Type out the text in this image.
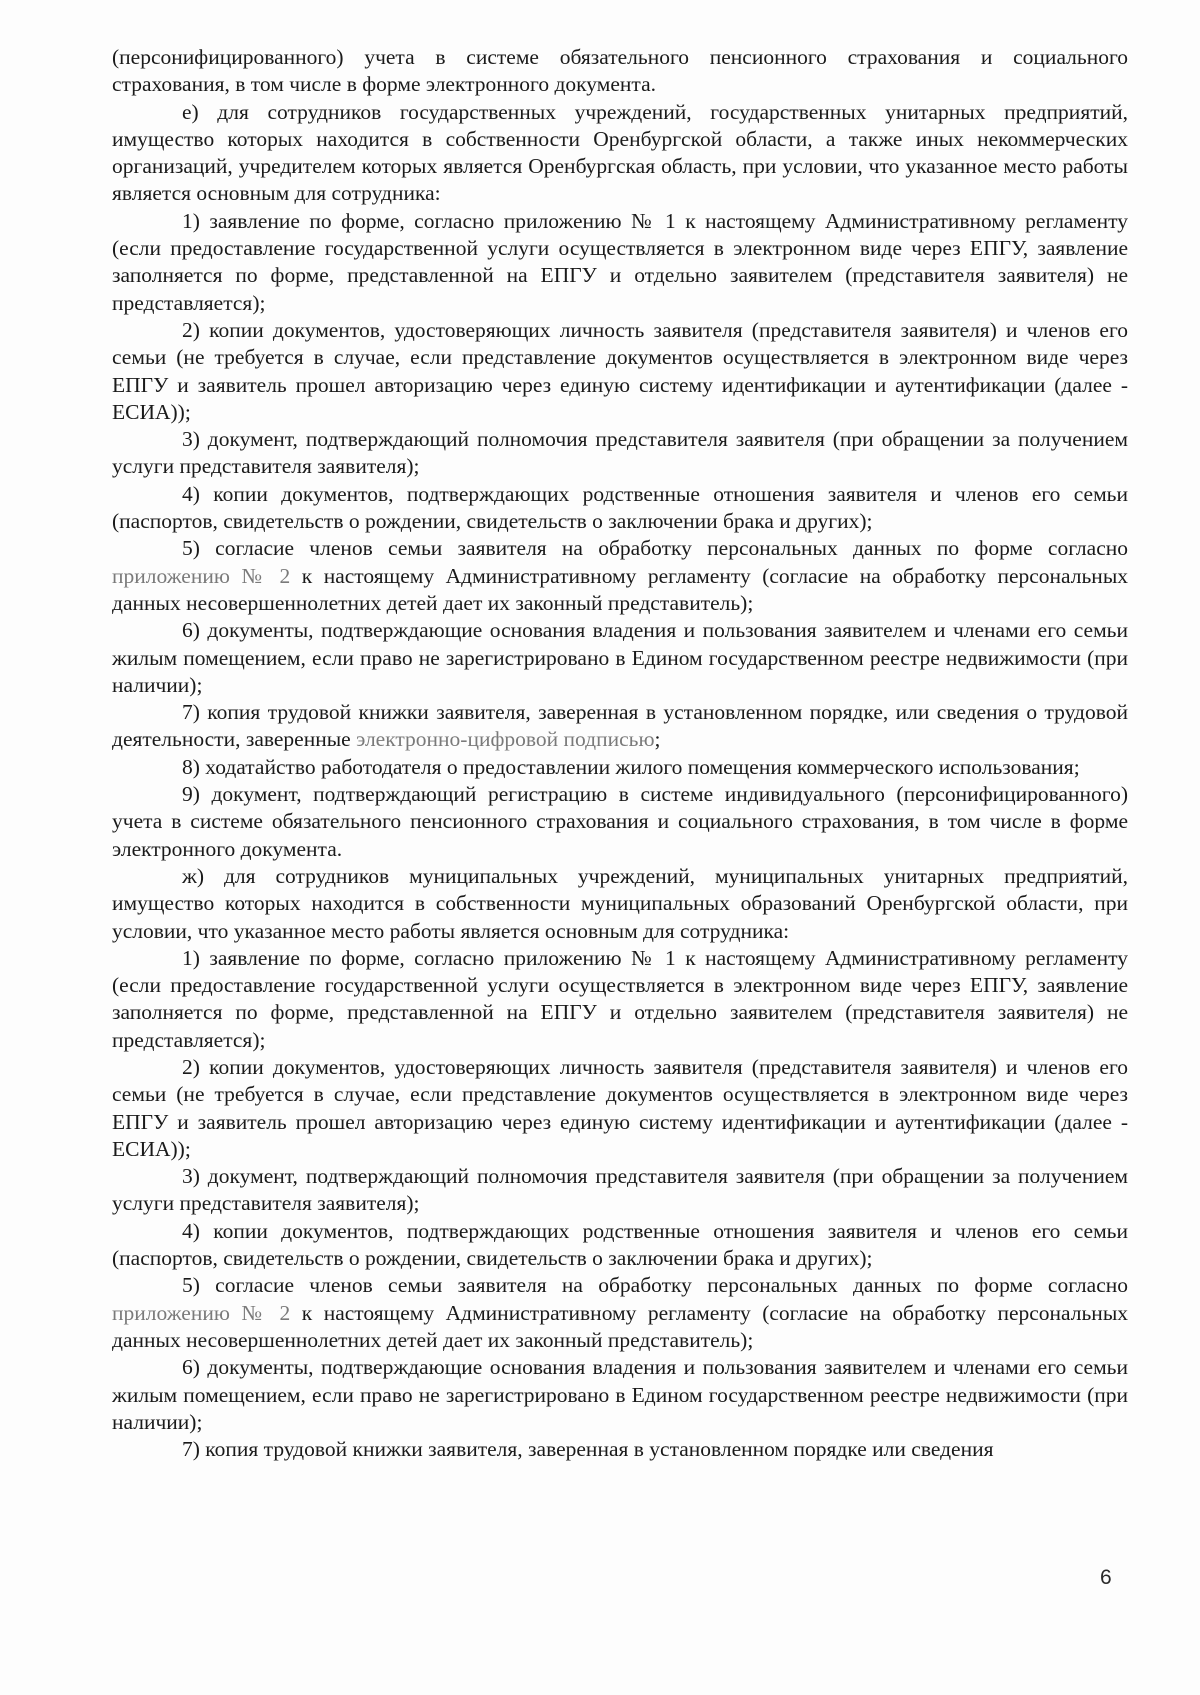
(персонифицированного) учета в системе обязательного пенсионного страхования и социального страхования, в том числе в форме электронного документа.

е) для сотрудников государственных учреждений, государственных унитарных предприятий, имущество которых находится в собственности Оренбургской области, а также иных некоммерческих организаций, учредителем которых является Оренбургская область, при условии, что указанное место работы является основным для сотрудника:

1) заявление по форме, согласно приложению № 1 к настоящему Административному регламенту (если предоставление государственной услуги осуществляется в электронном виде через ЕПГУ, заявление заполняется по форме, представленной на ЕПГУ и отдельно заявителем (представителя заявителя) не представляется);

2) копии документов, удостоверяющих личность заявителя (представителя заявителя) и членов его семьи (не требуется в случае, если представление документов осуществляется в электронном виде через ЕПГУ и заявитель прошел авторизацию через единую систему идентификации и аутентификации (далее - ЕСИА));

3) документ, подтверждающий полномочия представителя заявителя (при обращении за получением услуги представителя заявителя);

4) копии документов, подтверждающих родственные отношения заявителя и членов его семьи (паспортов, свидетельств о рождении, свидетельств о заключении брака и других);

5) согласие членов семьи заявителя на обработку персональных данных по форме согласно приложению № 2 к настоящему Административному регламенту (согласие на обработку персональных данных несовершеннолетних детей дает их законный представитель);

6) документы, подтверждающие основания владения и пользования заявителем и членами его семьи жилым помещением, если право не зарегистрировано в Едином государственном реестре недвижимости (при наличии);

7) копия трудовой книжки заявителя, заверенная в установленном порядке, или сведения о трудовой деятельности, заверенные электронно-цифровой подписью;

8) ходатайство работодателя о предоставлении жилого помещения коммерческого использования;

9) документ, подтверждающий регистрацию в системе индивидуального (персонифицированного) учета в системе обязательного пенсионного страхования и социального страхования, в том числе в форме электронного документа.

ж) для сотрудников муниципальных учреждений, муниципальных унитарных предприятий, имущество которых находится в собственности муниципальных образований Оренбургской области, при условии, что указанное место работы является основным для сотрудника:

1) заявление по форме, согласно приложению № 1 к настоящему Административному регламенту (если предоставление государственной услуги осуществляется в электронном виде через ЕПГУ, заявление заполняется по форме, представленной на ЕПГУ и отдельно заявителем (представителя заявителя) не представляется);

2) копии документов, удостоверяющих личность заявителя (представителя заявителя) и членов его семьи (не требуется в случае, если представление документов осуществляется в электронном виде через ЕПГУ и заявитель прошел авторизацию через единую систему идентификации и аутентификации (далее - ЕСИА));

3) документ, подтверждающий полномочия представителя заявителя (при обращении за получением услуги представителя заявителя);

4) копии документов, подтверждающих родственные отношения заявителя и членов его семьи (паспортов, свидетельств о рождении, свидетельств о заключении брака и других);

5) согласие членов семьи заявителя на обработку персональных данных по форме согласно приложению № 2 к настоящему Административному регламенту (согласие на обработку персональных данных несовершеннолетних детей дает их законный представитель);

6) документы, подтверждающие основания владения и пользования заявителем и членами его семьи жилым помещением, если право не зарегистрировано в Едином государственном реестре недвижимости (при наличии);

7) копия трудовой книжки заявителя, заверенная в установленном порядке или сведения

6
